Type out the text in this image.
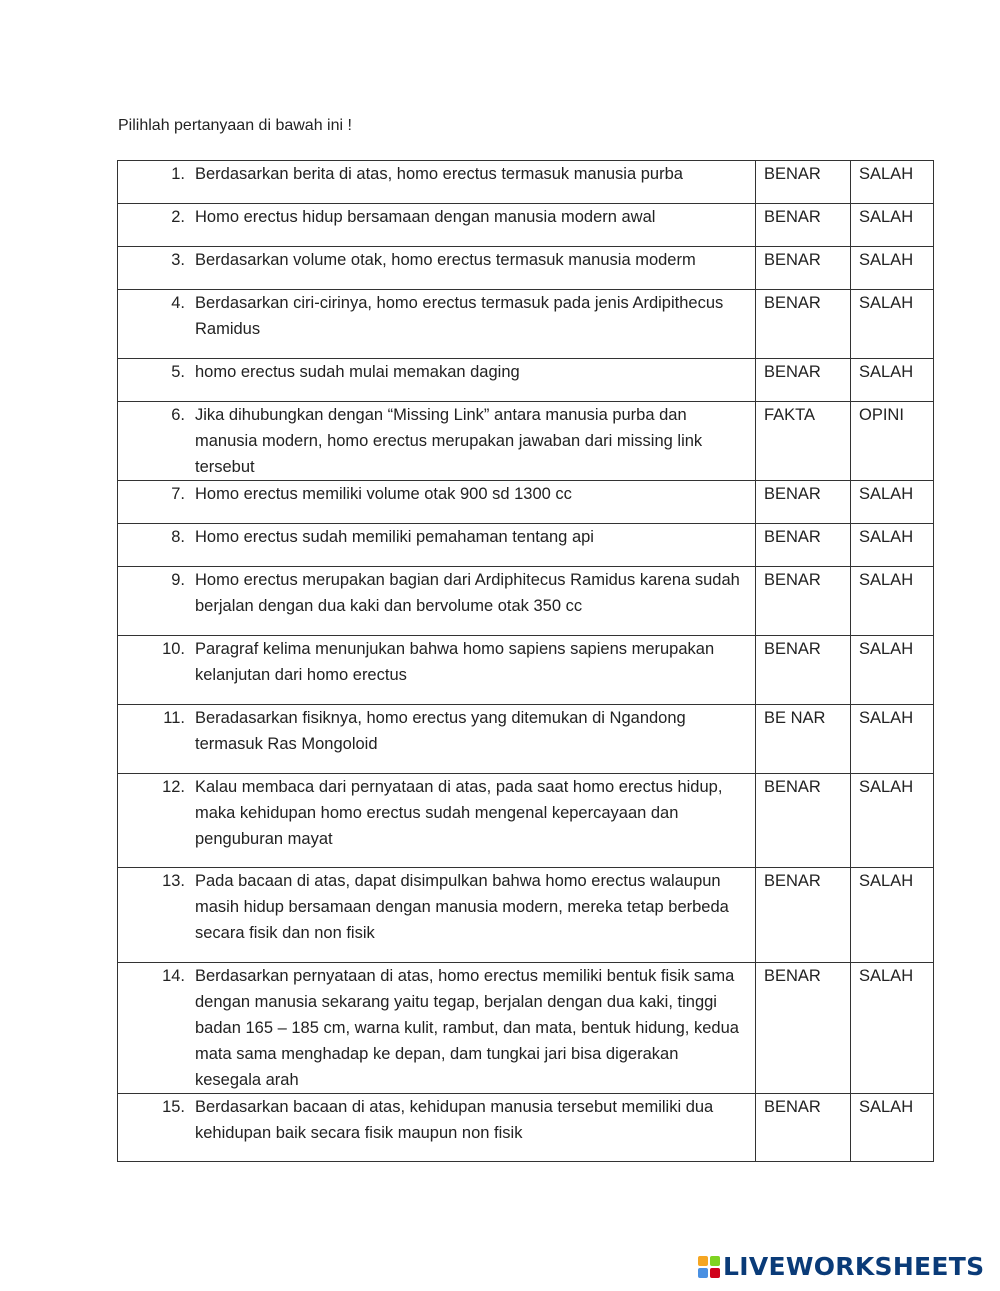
Pilihlah pertanyaan di bawah ini !
1. Berdasarkan berita di atas, homo erectus termasuk manusia purba	BENAR	SALAH

2. Homo erectus hidup bersamaan dengan manusia modern awal	BENAR	SALAH

3. Berdasarkan volume otak, homo erectus termasuk manusia moderm	BENAR	SALAH

4. Berdasarkan ciri-cirinya, homo erectus termasuk pada jenis Ardipithecus Ramidus	BENAR	SALAH

5. homo erectus sudah mulai memakan daging	BENAR	SALAH

6. Jika dihubungkan dengan “Missing Link” antara manusia purba dan manusia modern, homo erectus merupakan jawaban dari missing link tersebut	FAKTA	OPINI

7. Homo erectus memiliki volume otak 900 sd 1300 cc	BENAR	SALAH

8. Homo erectus sudah memiliki pemahaman tentang api	BENAR	SALAH

9. Homo erectus merupakan bagian dari Ardiphitecus Ramidus karena sudah berjalan dengan dua kaki dan bervolume otak 350 cc	BENAR	SALAH

10. Paragraf kelima menunjukan bahwa homo sapiens sapiens merupakan kelanjutan dari homo erectus	BENAR	SALAH

11. Beradasarkan fisiknya, homo erectus yang ditemukan di Ngandong termasuk Ras Mongoloid	BE NAR	SALAH

12. Kalau membaca dari pernyataan di atas, pada saat homo erectus hidup, maka kehidupan homo erectus sudah mengenal kepercayaan dan penguburan mayat	BENAR	SALAH

13. Pada bacaan di atas, dapat disimpulkan bahwa homo erectus walaupun masih hidup bersamaan dengan manusia modern, mereka tetap berbeda secara fisik dan non fisik	BENAR	SALAH

14. Berdasarkan pernyataan di atas, homo erectus memiliki bentuk fisik sama dengan manusia sekarang yaitu tegap, berjalan dengan dua kaki, tinggi badan 165 – 185 cm, warna kulit, rambut, dan mata, bentuk hidung, kedua mata sama menghadap ke depan, dam tungkai jari bisa digerakan kesegala arah	BENAR	SALAH

15. Berdasarkan bacaan di atas, kehidupan manusia tersebut memiliki dua kehidupan baik secara fisik maupun non fisik	BENAR	SALAH
LIVEWORKSHEETS
